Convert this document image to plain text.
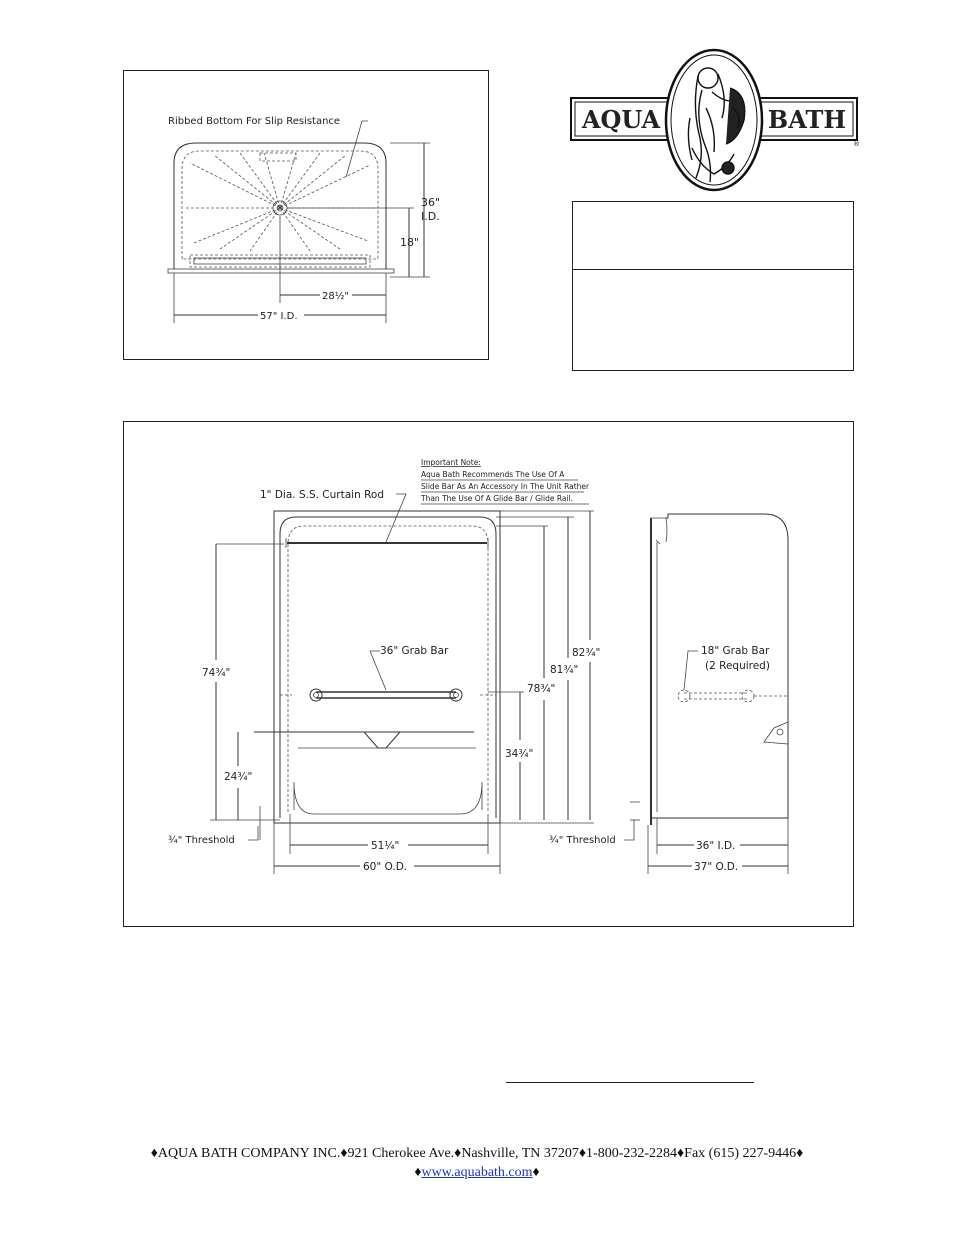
Ribbed Bottom For Slip Resistance
36"
I.D.
18"
28½"
57" I.D.
AQUA	BATH
®
Important Note:
Aqua Bath Recommends The Use Of A
Slide Bar As An Accessory In The Unit Rather
Than The Use Of A Glide Bar / Glide Rail.
1" Dia. S.S. Curtain Rod
36" Grab Bar
74¾"
24¾"
¾" Threshold	51¼"
60" O.D.
34¾"
78¾"
81¾"
82¾"
¾" Threshold
18" Grab Bar
(2 Required)
36" I.D.
37" O.D.
♦AQUA BATH COMPANY INC.♦921 Cherokee Ave.♦Nashville, TN 37207♦1-800-232-2284♦Fax (615) 227-9446♦
♦www.aquabath.com♦
